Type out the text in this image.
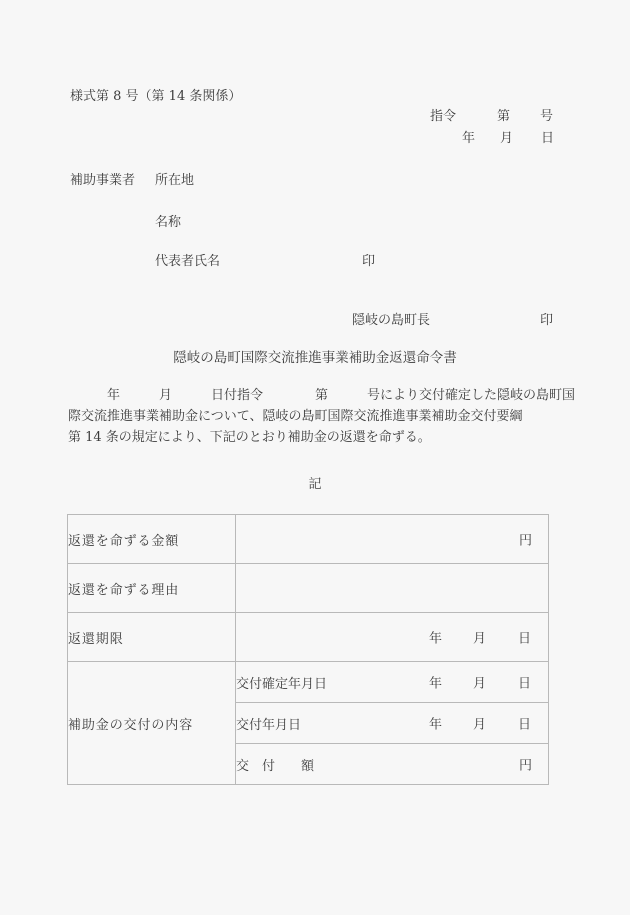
様式第 8 号（第 14 条関係）
指令	第 号
年 月 日
補助事業者 所在地
名称
代表者氏名	印
隠岐の島町長	印
隠岐の島町国際交流推進事業補助金返還命令書
　　　年　　　月　　　日付指令　　　　第　　　号により交付確定した隠岐の島町国
際交流推進事業補助金について、隠岐の島町国際交流推進事業補助金交付要綱
第 14 条の規定により、下記のとおり補助金の返還を命ずる。
記
返還を命ずる金額	円

返還を命ずる理由	
返還期限	年 月 日

補助金の交付の内容	交付確定年月日 年 月 日

	交付年月日 年 月 日

	交　付　　額 円
